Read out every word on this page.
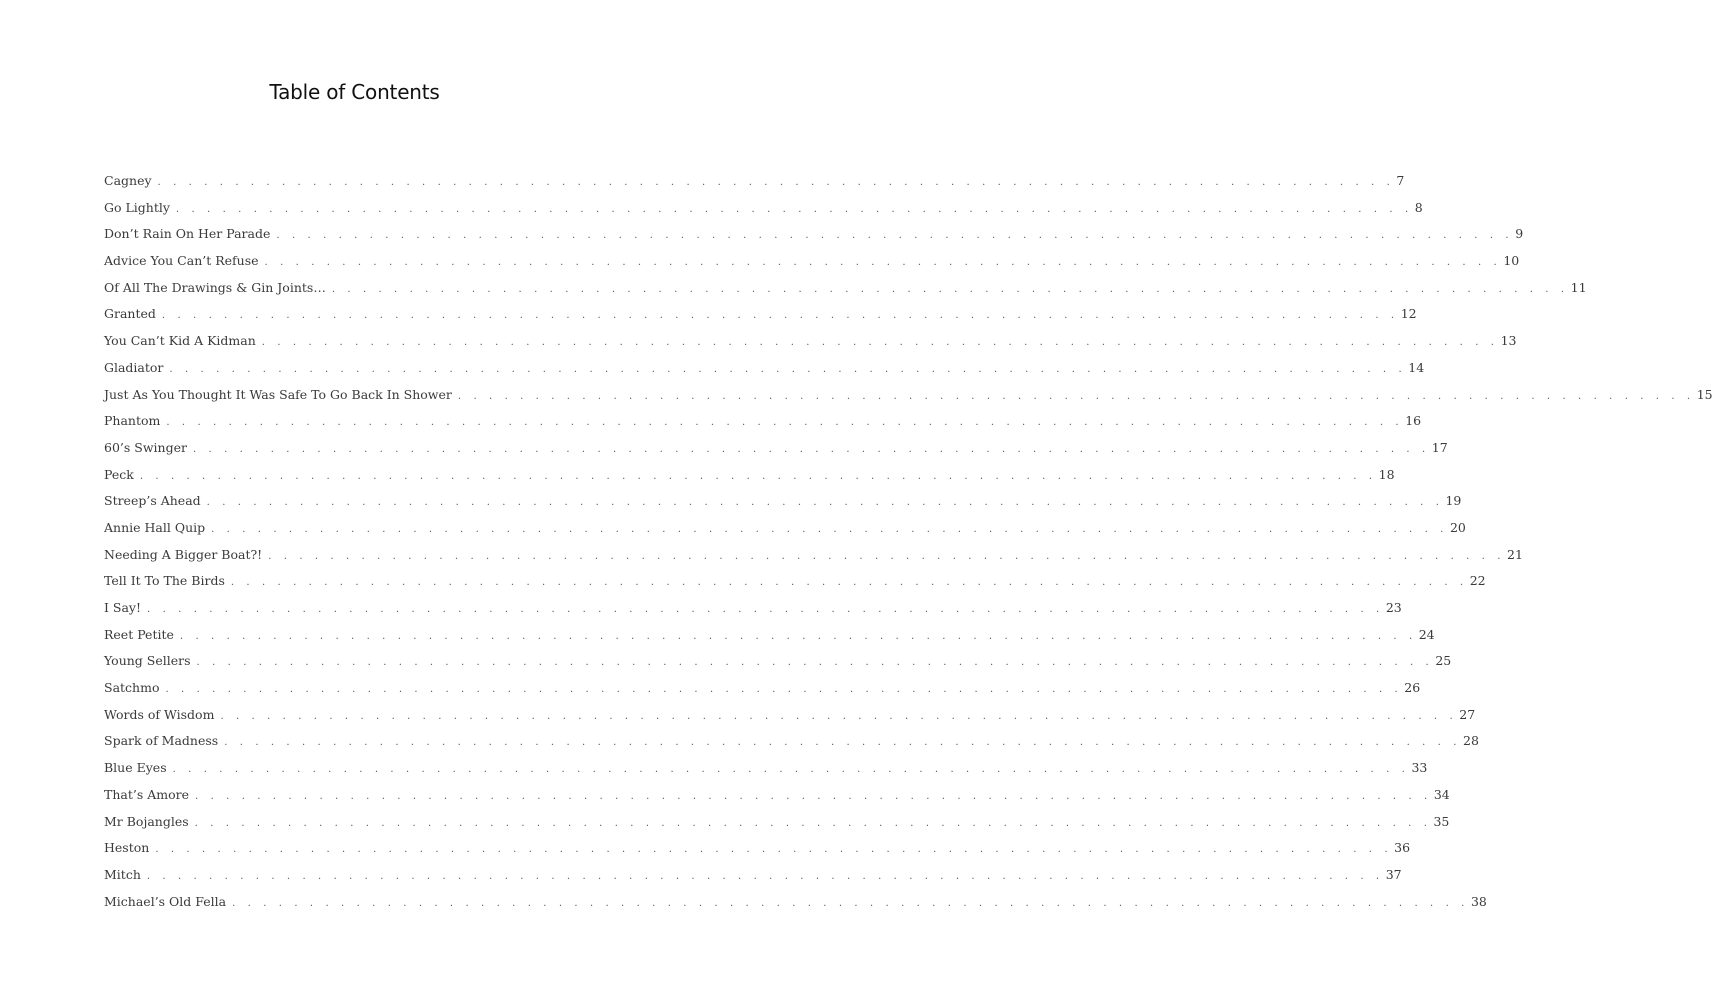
Table of Contents
Cagney . . . . . . . . . . . . . . . . . . . . . . . . . . . . . . . . . . . . . . . . . . . . . . . . . . . . . . . . . . . . . . . . . . . . . . . . . . . . . . . . 7
Go Lightly . . . . . . . . . . . . . . . . . . . . . . . . . . . . . . . . . . . . . . . . . . . . . . . . . . . . . . . . . . . . . . . . . . . . . . . . . . . . . . . . 8
Don’t Rain On Her Parade . . . . . . . . . . . . . . . . . . . . . . . . . . . . . . . . . . . . . . . . . . . . . . . . . . . . . . . . . . . . . . . . . . . . . . . . . . . . . . . . 9
Advice You Can’t Refuse . . . . . . . . . . . . . . . . . . . . . . . . . . . . . . . . . . . . . . . . . . . . . . . . . . . . . . . . . . . . . . . . . . . . . . . . . . . . . . . . 10
Of All The Drawings & Gin Joints… . . . . . . . . . . . . . . . . . . . . . . . . . . . . . . . . . . . . . . . . . . . . . . . . . . . . . . . . . . . . . . . . . . . . . . . . . . . . . . . . 11
Granted . . . . . . . . . . . . . . . . . . . . . . . . . . . . . . . . . . . . . . . . . . . . . . . . . . . . . . . . . . . . . . . . . . . . . . . . . . . . . . . . 12
You Can’t Kid A Kidman . . . . . . . . . . . . . . . . . . . . . . . . . . . . . . . . . . . . . . . . . . . . . . . . . . . . . . . . . . . . . . . . . . . . . . . . . . . . . . . . 13
Gladiator . . . . . . . . . . . . . . . . . . . . . . . . . . . . . . . . . . . . . . . . . . . . . . . . . . . . . . . . . . . . . . . . . . . . . . . . . . . . . . . . 14
Just As You Thought It Was Safe To Go Back In Shower . . . . . . . . . . . . . . . . . . . . . . . . . . . . . . . . . . . . . . . . . . . . . . . . . . . . . . . . . . . . . . . . . . . . . . . . . . . . . . . . 15
Phantom . . . . . . . . . . . . . . . . . . . . . . . . . . . . . . . . . . . . . . . . . . . . . . . . . . . . . . . . . . . . . . . . . . . . . . . . . . . . . . . . 16
60’s Swinger . . . . . . . . . . . . . . . . . . . . . . . . . . . . . . . . . . . . . . . . . . . . . . . . . . . . . . . . . . . . . . . . . . . . . . . . . . . . . . . . 17
Peck . . . . . . . . . . . . . . . . . . . . . . . . . . . . . . . . . . . . . . . . . . . . . . . . . . . . . . . . . . . . . . . . . . . . . . . . . . . . . . . . 18
Streep’s Ahead . . . . . . . . . . . . . . . . . . . . . . . . . . . . . . . . . . . . . . . . . . . . . . . . . . . . . . . . . . . . . . . . . . . . . . . . . . . . . . . . 19
Annie Hall Quip . . . . . . . . . . . . . . . . . . . . . . . . . . . . . . . . . . . . . . . . . . . . . . . . . . . . . . . . . . . . . . . . . . . . . . . . . . . . . . . . 20
Needing A Bigger Boat?! . . . . . . . . . . . . . . . . . . . . . . . . . . . . . . . . . . . . . . . . . . . . . . . . . . . . . . . . . . . . . . . . . . . . . . . . . . . . . . . . 21
Tell It To The Birds . . . . . . . . . . . . . . . . . . . . . . . . . . . . . . . . . . . . . . . . . . . . . . . . . . . . . . . . . . . . . . . . . . . . . . . . . . . . . . . . 22
I Say! . . . . . . . . . . . . . . . . . . . . . . . . . . . . . . . . . . . . . . . . . . . . . . . . . . . . . . . . . . . . . . . . . . . . . . . . . . . . . . . . 23
Reet Petite . . . . . . . . . . . . . . . . . . . . . . . . . . . . . . . . . . . . . . . . . . . . . . . . . . . . . . . . . . . . . . . . . . . . . . . . . . . . . . . . 24
Young Sellers . . . . . . . . . . . . . . . . . . . . . . . . . . . . . . . . . . . . . . . . . . . . . . . . . . . . . . . . . . . . . . . . . . . . . . . . . . . . . . . . 25
Satchmo . . . . . . . . . . . . . . . . . . . . . . . . . . . . . . . . . . . . . . . . . . . . . . . . . . . . . . . . . . . . . . . . . . . . . . . . . . . . . . . . 26
Words of Wisdom . . . . . . . . . . . . . . . . . . . . . . . . . . . . . . . . . . . . . . . . . . . . . . . . . . . . . . . . . . . . . . . . . . . . . . . . . . . . . . . . 27
Spark of Madness . . . . . . . . . . . . . . . . . . . . . . . . . . . . . . . . . . . . . . . . . . . . . . . . . . . . . . . . . . . . . . . . . . . . . . . . . . . . . . . . 28
Blue Eyes . . . . . . . . . . . . . . . . . . . . . . . . . . . . . . . . . . . . . . . . . . . . . . . . . . . . . . . . . . . . . . . . . . . . . . . . . . . . . . . . 33
That’s Amore . . . . . . . . . . . . . . . . . . . . . . . . . . . . . . . . . . . . . . . . . . . . . . . . . . . . . . . . . . . . . . . . . . . . . . . . . . . . . . . . 34
Mr Bojangles . . . . . . . . . . . . . . . . . . . . . . . . . . . . . . . . . . . . . . . . . . . . . . . . . . . . . . . . . . . . . . . . . . . . . . . . . . . . . . . . 35
Heston . . . . . . . . . . . . . . . . . . . . . . . . . . . . . . . . . . . . . . . . . . . . . . . . . . . . . . . . . . . . . . . . . . . . . . . . . . . . . . . . 36
Mitch . . . . . . . . . . . . . . . . . . . . . . . . . . . . . . . . . . . . . . . . . . . . . . . . . . . . . . . . . . . . . . . . . . . . . . . . . . . . . . . . 37
Michael’s Old Fella . . . . . . . . . . . . . . . . . . . . . . . . . . . . . . . . . . . . . . . . . . . . . . . . . . . . . . . . . . . . . . . . . . . . . . . . . . . . . . . . 38
